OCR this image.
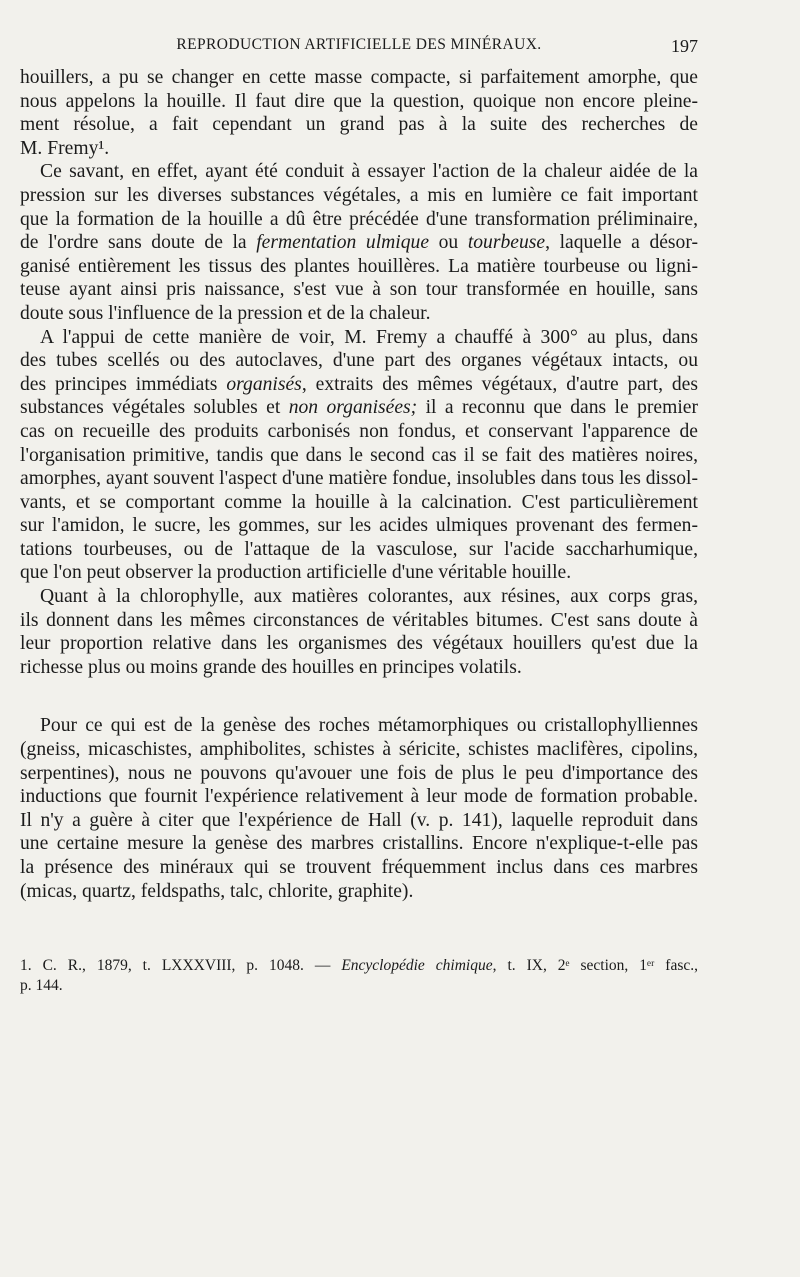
REPRODUCTION ARTIFICIELLE DES MINÉRAUX.	197
houillers, a pu se changer en cette masse compacte, si parfaitement amorphe, que
nous appelons la houille. Il faut dire que la question, quoique non encore pleine-
ment résolue, a fait cependant un grand pas à la suite des recherches de
M. Fremy¹.
Ce savant, en effet, ayant été conduit à essayer l'action de la chaleur aidée de la
pression sur les diverses substances végétales, a mis en lumière ce fait important
que la formation de la houille a dû être précédée d'une transformation préliminaire,
de l'ordre sans doute de la fermentation ulmique ou tourbeuse, laquelle a désor-
ganisé entièrement les tissus des plantes houillères. La matière tourbeuse ou ligni-
teuse ayant ainsi pris naissance, s'est vue à son tour transformée en houille, sans
doute sous l'influence de la pression et de la chaleur.
A l'appui de cette manière de voir, M. Fremy a chauffé à 300° au plus, dans
des tubes scellés ou des autoclaves, d'une part des organes végétaux intacts, ou
des principes immédiats organisés, extraits des mêmes végétaux, d'autre part, des
substances végétales solubles et non organisées; il a reconnu que dans le premier
cas on recueille des produits carbonisés non fondus, et conservant l'apparence de
l'organisation primitive, tandis que dans le second cas il se fait des matières noires,
amorphes, ayant souvent l'aspect d'une matière fondue, insolubles dans tous les dissol-
vants, et se comportant comme la houille à la calcination. C'est particulièrement
sur l'amidon, le sucre, les gommes, sur les acides ulmiques provenant des fermen-
tations tourbeuses, ou de l'attaque de la vasculose, sur l'acide saccharhumique,
que l'on peut observer la production artificielle d'une véritable houille.
Quant à la chlorophylle, aux matières colorantes, aux résines, aux corps gras,
ils donnent dans les mêmes circonstances de véritables bitumes. C'est sans doute à
leur proportion relative dans les organismes des végétaux houillers qu'est due la
richesse plus ou moins grande des houilles en principes volatils.
Pour ce qui est de la genèse des roches métamorphiques ou cristallophylliennes
(gneiss, micaschistes, amphibolites, schistes à séricite, schistes maclifères, cipolins,
serpentines), nous ne pouvons qu'avouer une fois de plus le peu d'importance des
inductions que fournit l'expérience relativement à leur mode de formation probable.
Il n'y a guère à citer que l'expérience de Hall (v. p. 141), laquelle reproduit dans
une certaine mesure la genèse des marbres cristallins. Encore n'explique-t-elle pas
la présence des minéraux qui se trouvent fréquemment inclus dans ces marbres
(micas, quartz, feldspaths, talc, chlorite, graphite).
1. C. R., 1879, t. LXXXVIII, p. 1048. — Encyclopédie chimique, t. IX, 2ᵉ section, 1ᵉʳ fasc.,
p. 144.
